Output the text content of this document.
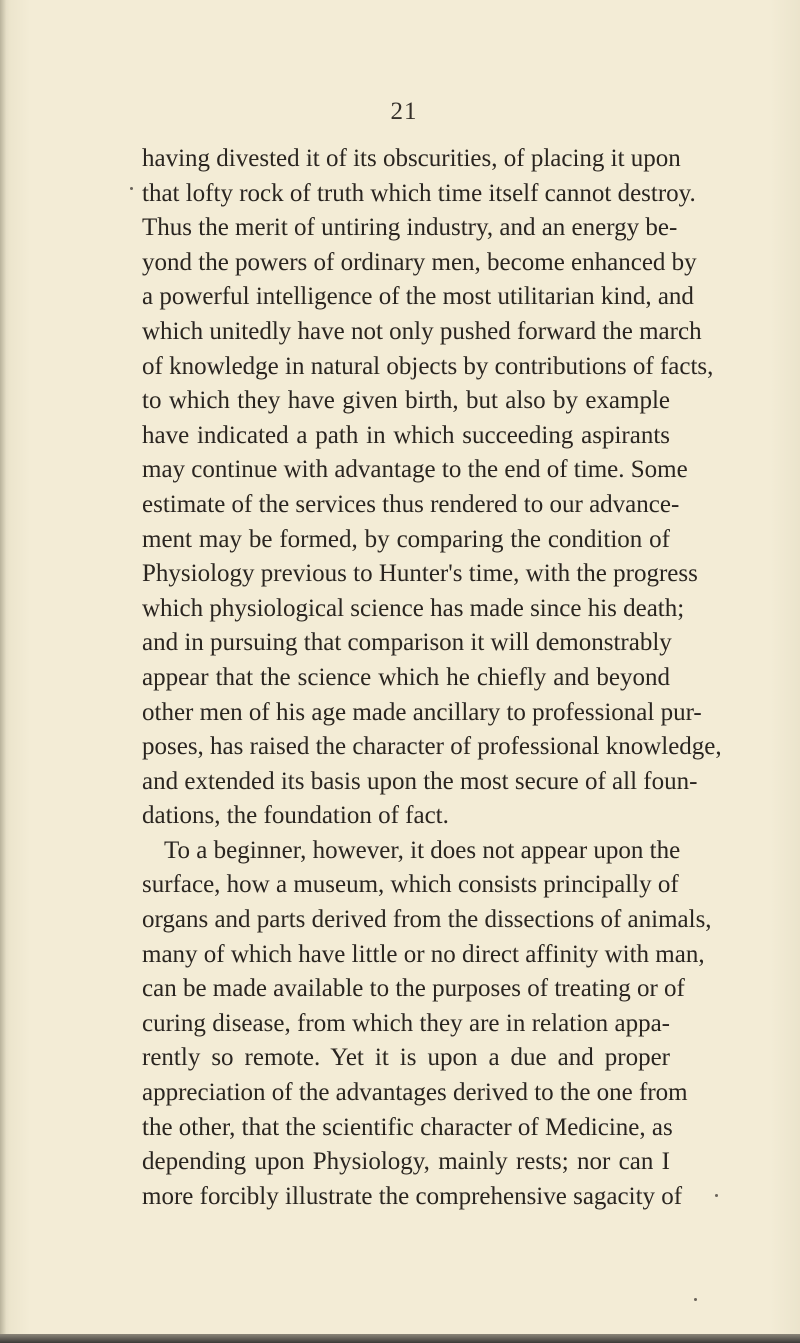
21
having divested it of its obscurities, of placing it upon
that lofty rock of truth which time itself cannot destroy.
Thus the merit of untiring industry, and an energy be-
yond the powers of ordinary men, become enhanced by
a powerful intelligence of the most utilitarian kind, and
which unitedly have not only pushed forward the march
of knowledge in natural objects by contributions of facts,
to which they have given birth, but also by example
have indicated a path in which succeeding aspirants
may continue with advantage to the end of time. Some
estimate of the services thus rendered to our advance-
ment may be formed, by comparing the condition of
Physiology previous to Hunter's time, with the progress
which physiological science has made since his death;
and in pursuing that comparison it will demonstrably
appear that the science which he chiefly and beyond
other men of his age made ancillary to professional pur-
poses, has raised the character of professional knowledge,
and extended its basis upon the most secure of all foun-
dations, the foundation of fact.
To a beginner, however, it does not appear upon the
surface, how a museum, which consists principally of
organs and parts derived from the dissections of animals,
many of which have little or no direct affinity with man,
can be made available to the purposes of treating or of
curing disease, from which they are in relation appa-
rently so remote. Yet it is upon a due and proper
appreciation of the advantages derived to the one from
the other, that the scientific character of Medicine, as
depending upon Physiology, mainly rests; nor can I
more forcibly illustrate the comprehensive sagacity of
